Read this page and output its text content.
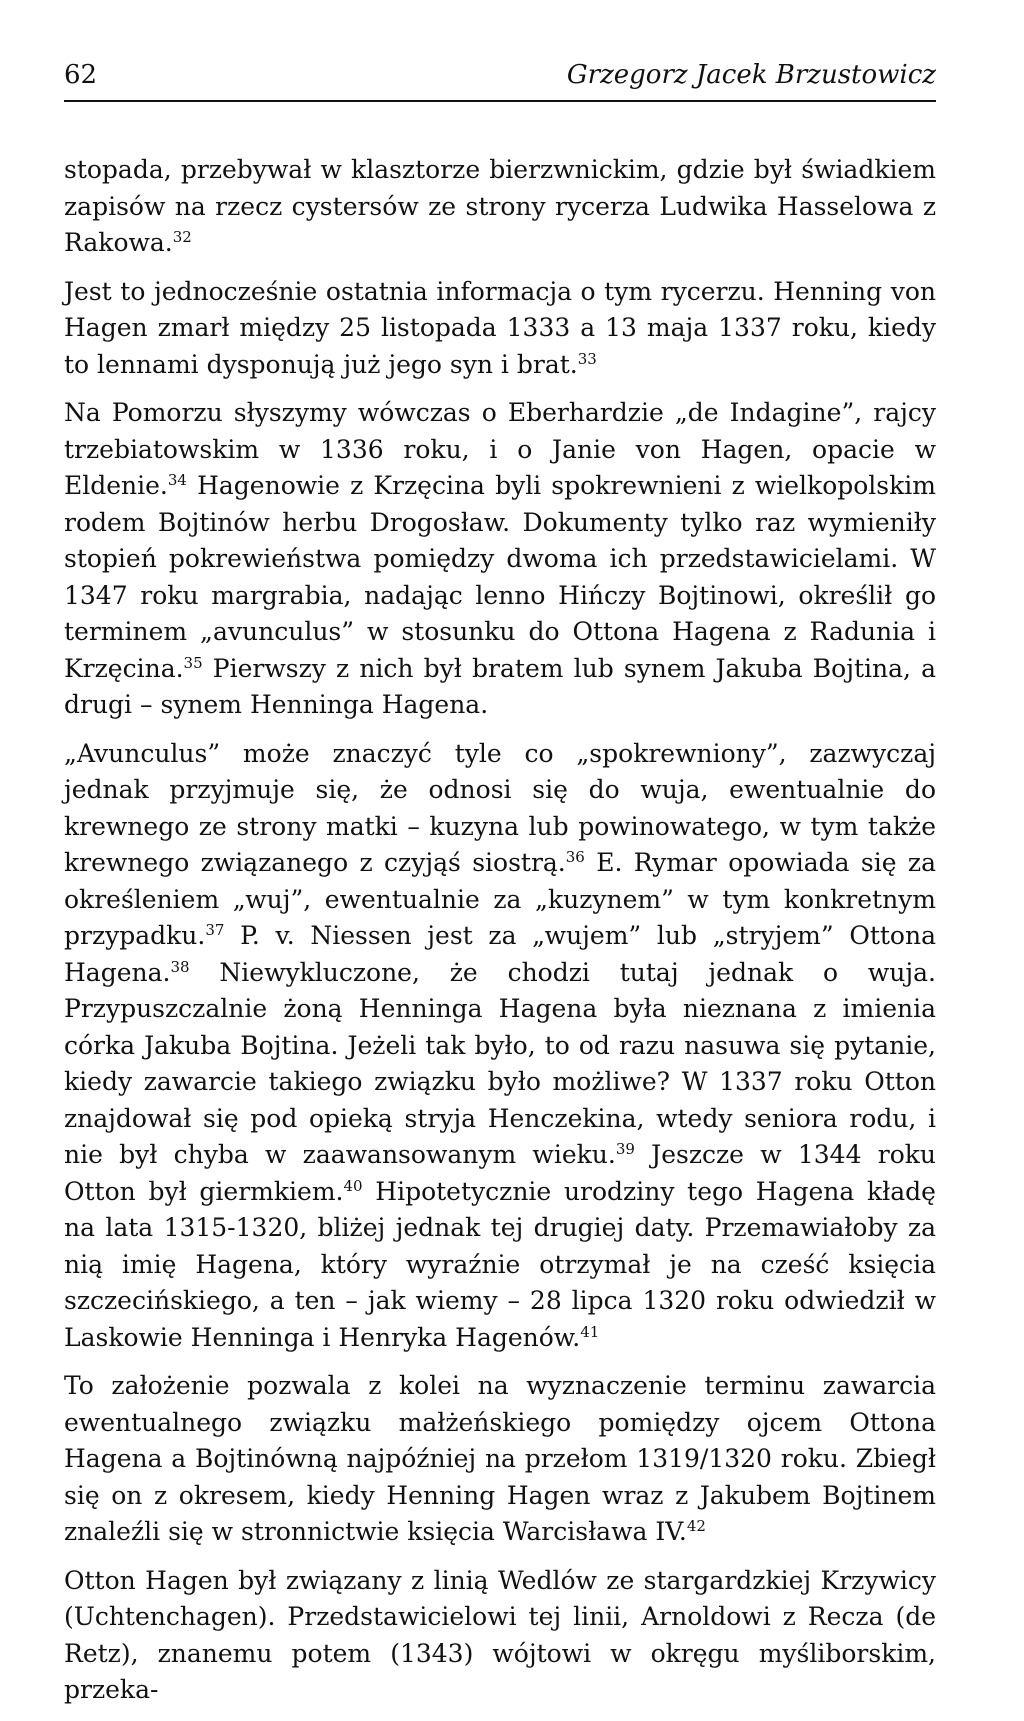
62	Grzegorz Jacek Brzustowicz

stopada, przebywał w klasztorze bierzwnickim, gdzie był świadkiem zapisów na rzecz cystersów ze strony rycerza Ludwika Hasselowa z Rakowa.$^{32}$

Jest to jednocześnie ostatnia informacja o tym rycerzu. Henning von Hagen zmarł między 25 listopada 1333 a 13 maja 1337 roku, kiedy to lennami dysponują już jego syn i brat.$^{33}$

Na Pomorzu słyszymy wówczas o Eberhardzie „de Indagine”, rajcy trzebiatowskim w 1336 roku, i o Janie von Hagen, opacie w Eldenie.$^{34}$ Hagenowie z Krzęcina byli spokrewnieni z wielkopolskim rodem Bojtinów herbu Drogosław. Dokumenty tylko raz wymieniły stopień pokrewieństwa pomiędzy dwoma ich przedstawicielami. W 1347 roku margrabia, nadając lenno Hińczy Bojtinowi, określił go terminem „avunculus” w stosunku do Ottona Hagena z Radunia i Krzęcina.$^{35}$ Pierwszy z nich był bratem lub synem Jakuba Bojtina, a drugi – synem Henninga Hagena.

„Avunculus” może znaczyć tyle co „spokrewniony”, zazwyczaj jednak przyjmuje się, że odnosi się do wuja, ewentualnie do krewnego ze strony matki – kuzyna lub powinowatego, w tym także krewnego związanego z czyjąś siostrą.$^{36}$ E. Rymar opowiada się za określeniem „wuj”, ewentualnie za „kuzynem” w tym konkretnym przypadku.$^{37}$ P. v. Niessen jest za „wujem” lub „stryjem” Ottona Hagena.$^{38}$ Niewykluczone, że chodzi tutaj jednak o wuja. Przypuszczalnie żoną Henninga Hagena była nieznana z imienia córka Jakuba Bojtina. Jeżeli tak było, to od razu nasuwa się pytanie, kiedy zawarcie takiego związku było możliwe? W 1337 roku Otton znajdował się pod opieką stryja Henczekina, wtedy seniora rodu, i nie był chyba w zaawansowanym wieku.$^{39}$ Jeszcze w 1344 roku Otton był giermkiem.$^{40}$ Hipotetycznie urodziny tego Hagena kładę na lata 1315-1320, bliżej jednak tej drugiej daty. Przemawiałoby za nią imię Hagena, który wyraźnie otrzymał je na cześć księcia szczecińskiego, a ten – jak wiemy – 28 lipca 1320 roku odwiedził w Laskowie Henninga i Henryka Hagenów.$^{41}$

To założenie pozwala z kolei na wyznaczenie terminu zawarcia ewentualnego związku małżeńskiego pomiędzy ojcem Ottona Hagena a Bojtinówną najpóźniej na przełom 1319/1320 roku. Zbiegł się on z okresem, kiedy Henning Hagen wraz z Jakubem Bojtinem znaleźli się w stronnictwie księcia Warcisława IV.$^{42}$

Otton Hagen był związany z linią Wedlów ze stargardzkiej Krzywicy (Uchtenchagen). Przedstawicielowi tej linii, Arnoldowi z Recza (de Retz), znanemu potem (1343) wójtowi w okręgu myśliborskim, przeka-
